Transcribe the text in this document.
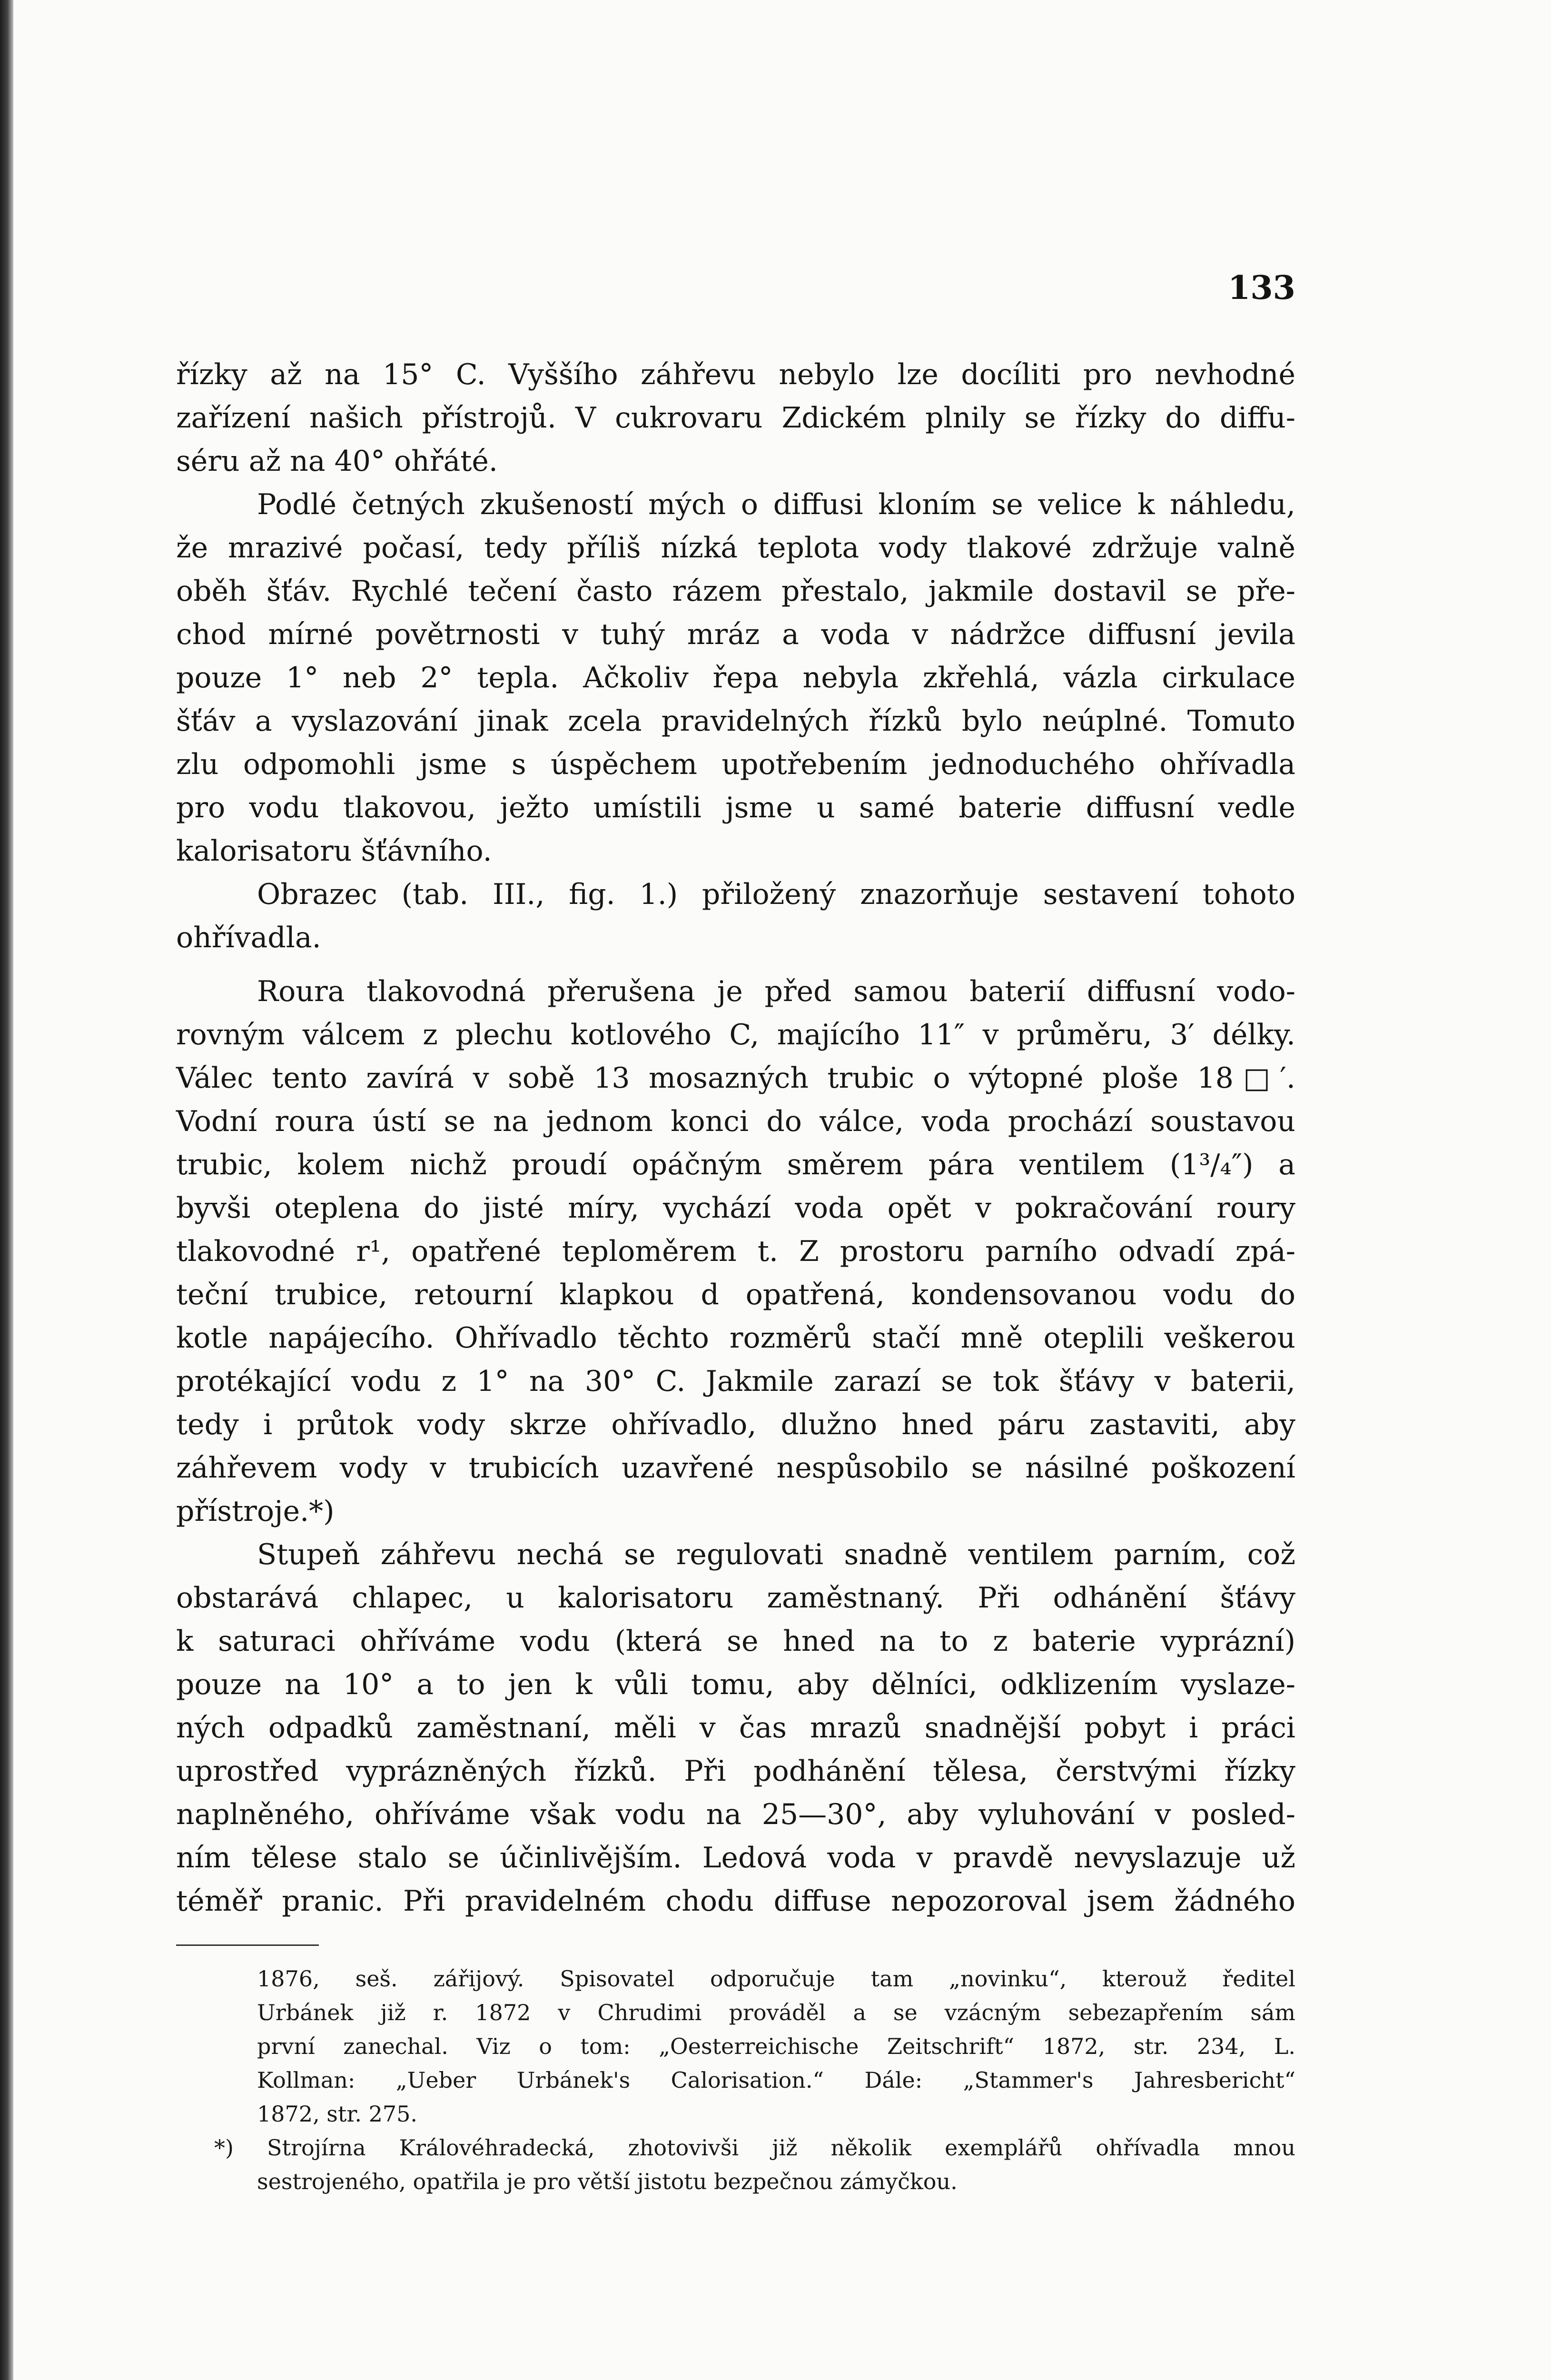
133
řízky až na 15° C. Vyššího záhřevu nebylo lze docíliti pro nevhodné
zařízení našich přístrojů. V cukrovaru Zdickém plnily se řízky do diffu-
séru až na 40° ohřáté.
Podlé četných zkušeností mých o diffusi kloním se velice k náhledu,
že mrazivé počasí, tedy příliš nízká teplota vody tlakové zdržuje valně
oběh šťáv. Rychlé tečení často rázem přestalo, jakmile dostavil se pře-
chod mírné povětrnosti v tuhý mráz a voda v nádržce diffusní jevila
pouze 1° neb 2° tepla. Ačkoliv řepa nebyla zkřehlá, vázla cirkulace
šťáv a vyslazování jinak zcela pravidelných řízků bylo neúplné. Tomuto
zlu odpomohli jsme s úspěchem upotřebením jednoduchého ohřívadla
pro vodu tlakovou, ježto umístili jsme u samé baterie diffusní vedle
kalorisatoru šťávního.
Obrazec (tab. III., fig. 1.) přiložený znazorňuje sestavení tohoto
ohřívadla.
Roura tlakovodná přerušena je před samou baterií diffusní vodo-
rovným válcem z plechu kotlového C, majícího 11″ v průměru, 3′ délky.
Válec tento zavírá v sobě 13 mosazných trubic o výtopné ploše 18□′.
Vodní roura ústí se na jednom konci do válce, voda prochází soustavou
trubic, kolem nichž proudí opáčným směrem pára ventilem (1³/₄″) a
byvši oteplena do jisté míry, vychází voda opět v pokračování roury
tlakovodné r¹, opatřené teploměrem t. Z prostoru parního odvadí zpá-
teční trubice, retourní klapkou d opatřená, kondensovanou vodu do
kotle napájecího. Ohřívadlo těchto rozměrů stačí mně oteplili veškerou
protékající vodu z 1° na 30° C. Jakmile zarazí se tok šťávy v baterii,
tedy i průtok vody skrze ohřívadlo, dlužno hned páru zastaviti, aby
záhřevem vody v trubicích uzavřené nespůsobilo se násilné poškození
přístroje.*)
Stupeň záhřevu nechá se regulovati snadně ventilem parním, což
obstarává chlapec, u kalorisatoru zaměstnaný. Při odhánění šťávy
k saturaci ohříváme vodu (která se hned na to z baterie vyprázní)
pouze na 10° a to jen k vůli tomu, aby dělníci, odklizením vyslaze-
ných odpadků zaměstnaní, měli v čas mrazů snadnější pobyt i práci
uprostřed vyprázněných řízků. Při podhánění tělesa, čerstvými řízky
naplněného, ohříváme však vodu na 25—30°, aby vyluhování v posled-
ním tělese stalo se účinlivějším. Ledová voda v pravdě nevyslazuje už
téměř pranic. Při pravidelném chodu diffuse nepozoroval jsem žádného
1876, seš. zářijový. Spisovatel odporučuje tam „novinku“, kterouž ředitel
Urbánek již r. 1872 v Chrudimi prováděl a se vzácným sebezapřením sám
první zanechal. Viz o tom: „Oesterreichische Zeitschrift“ 1872, str. 234, L.
Kollman: „Ueber Urbánek's Calorisation.“ Dále: „Stammer's Jahresbericht“
1872, str. 275.
*) Strojírna Královéhradecká, zhotovivši již několik exemplářů ohřívadla mnou
sestrojeného, opatřila je pro větší jistotu bezpečnou zámyčkou.
